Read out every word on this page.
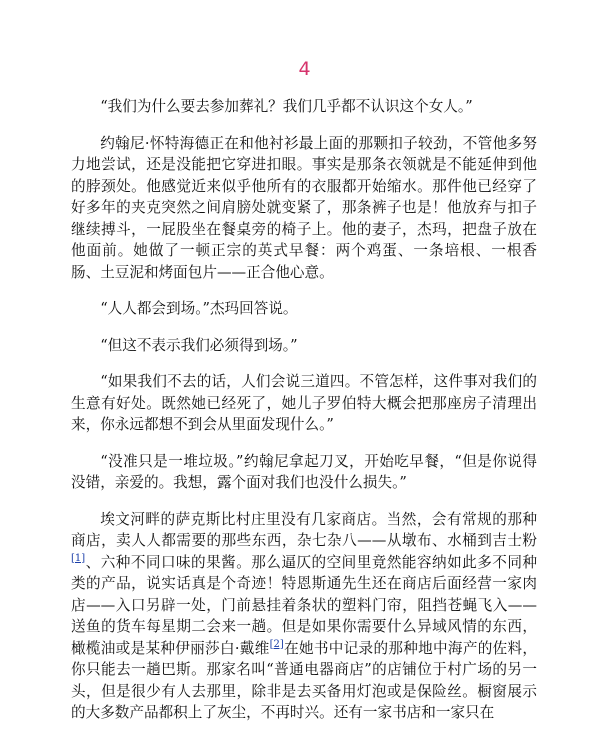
4

“我们为什么要去参加葬礼？我们几乎都不认识这个女人。”

约翰尼·怀特海德正在和他衬衫最上面的那颗扣子较劲，不管他多努力地尝试，还是没能把它穿进扣眼。事实是那条衣领就是不能延伸到他的脖颈处。他感觉近来似乎他所有的衣服都开始缩水。那件他已经穿了好多年的夹克突然之间肩膀处就变紧了，那条裤子也是！他放弃与扣子继续搏斗，一屁股坐在餐桌旁的椅子上。他的妻子，杰玛，把盘子放在他面前。她做了一顿正宗的英式早餐：两个鸡蛋、一条培根、一根香肠、土豆泥和烤面包片——正合他心意。

“人人都会到场。”杰玛回答说。

“但这不表示我们必须得到场。”

“如果我们不去的话，人们会说三道四。不管怎样，这件事对我们的生意有好处。既然她已经死了，她儿子罗伯特大概会把那座房子清理出来，你永远都想不到会从里面发现什么。”

“没准只是一堆垃圾。”约翰尼拿起刀叉，开始吃早餐，“但是你说得没错，亲爱的。我想，露个面对我们也没什么损失。”

埃文河畔的萨克斯比村庄里没有几家商店。当然，会有常规的那种商店，卖人人都需要的那些东西，杂七杂八——从墩布、水桶到吉士粉[1]、六种不同口味的果酱。那么逼仄的空间里竟然能容纳如此多不同种类的产品，说实话真是个奇迹！特恩斯通先生还在商店后面经营一家肉店——入口另辟一处，门前悬挂着条状的塑料门帘，阻挡苍蝇飞入——送鱼的货车每星期二会来一趟。但是如果你需要什么异域风情的东西，橄榄油或是某种伊丽莎白·戴维[2]在她书中记录的那种地中海产的佐料，你只能去一趟巴斯。那家名叫“普通电器商店”的店铺位于村广场的另一头，但是很少有人去那里，除非是去买备用灯泡或是保险丝。橱窗展示的大多数产品都积上了灰尘，不再时兴。还有一家书店和一家只在
